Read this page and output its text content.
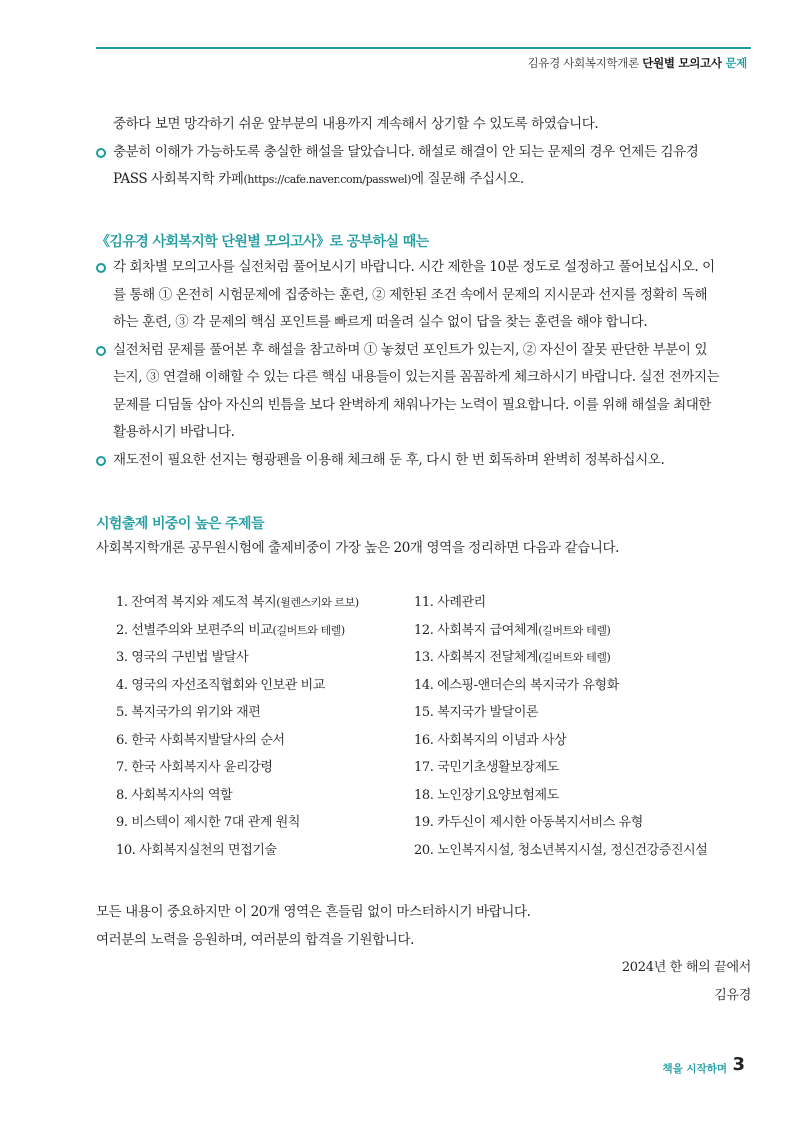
김유경 사회복지학개론 단원별 모의고사 문제

중하다 보면 망각하기 쉬운 앞부분의 내용까지 계속해서 상기할 수 있도록 하였습니다.

충분히 이해가 가능하도록 충실한 해설을 달았습니다. 해설로 해결이 안 되는 문제의 경우 언제든 김유경

PASS 사회복지학 카페(https://cafe.naver.com/passwel)에 질문해 주십시오.

《김유경 사회복지학 단원별 모의고사》로 공부하실 때는

각 회차별 모의고사를 실전처럼 풀어보시기 바랍니다. 시간 제한을 10분 정도로 설정하고 풀어보십시오. 이

를 통해 ① 온전히 시험문제에 집중하는 훈련, ② 제한된 조건 속에서 문제의 지시문과 선지를 정확히 독해

하는 훈련, ③ 각 문제의 핵심 포인트를 빠르게 떠올려 실수 없이 답을 찾는 훈련을 해야 합니다.

실전처럼 문제를 풀어본 후 해설을 참고하며 ① 놓쳤던 포인트가 있는지, ② 자신이 잘못 판단한 부분이 있

는지, ③ 연결해 이해할 수 있는 다른 핵심 내용들이 있는지를 꼼꼼하게 체크하시기 바랍니다. 실전 전까지는

문제를 디딤돌 삼아 자신의 빈틈을 보다 완벽하게 채워나가는 노력이 필요합니다. 이를 위해 해설을 최대한

활용하시기 바랍니다.

재도전이 필요한 선지는 형광펜을 이용해 체크해 둔 후, 다시 한 번 회독하며 완벽히 정복하십시오.

시험출제 비중이 높은 주제들

사회복지학개론 공무원시험에 출제비중이 가장 높은 20개 영역을 정리하면 다음과 같습니다.

1. 잔여적 복지와 제도적 복지(윌렌스키와 르보)	11. 사례관리
2. 선별주의와 보편주의 비교(길버트와 테렐)	12. 사회복지 급여체계(길버트와 테렐)
3. 영국의 구빈법 발달사	13. 사회복지 전달체계(길버트와 테렐)
4. 영국의 자선조직협회와 인보관 비교	14. 에스핑-앤더슨의 복지국가 유형화
5. 복지국가의 위기와 재편	15. 복지국가 발달이론
6. 한국 사회복지발달사의 순서	16. 사회복지의 이념과 사상
7. 한국 사회복지사 윤리강령	17. 국민기초생활보장제도
8. 사회복지사의 역할	18. 노인장기요양보험제도
9. 비스텍이 제시한 7대 관계 원칙	19. 카두신이 제시한 아동복지서비스 유형
10. 사회복지실천의 면접기술	20. 노인복지시설, 청소년복지시설, 정신건강증진시설

모든 내용이 중요하지만 이 20개 영역은 흔들림 없이 마스터하시기 바랍니다.

여러분의 노력을 응원하며, 여러분의 합격을 기원합니다.

2024년 한 해의 끝에서
김유경
책을 시작하며 3
